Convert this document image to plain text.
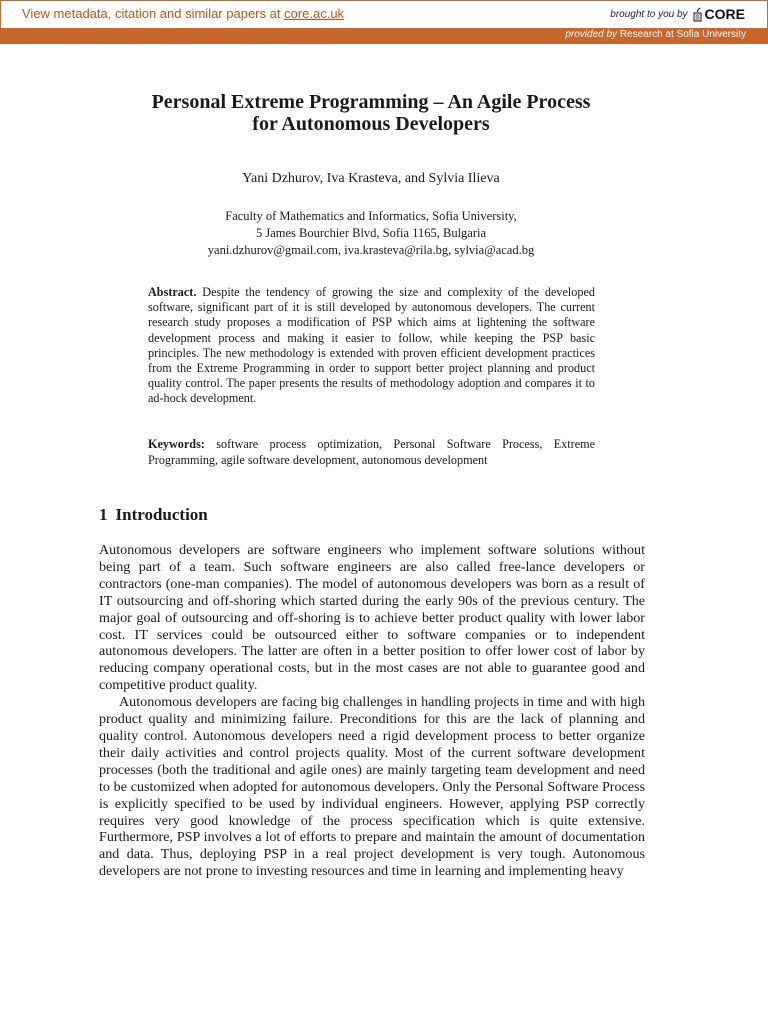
View metadata, citation and similar papers at core.ac.uk	brought to you by CORE
provided by Research at Sofia University
Personal Extreme Programming – An Agile Process
for Autonomous Developers
Yani Dzhurov, Iva Krasteva, and Sylvia Ilieva
Faculty of Mathematics and Informatics, Sofia University,
5 James Bourchier Blvd, Sofia 1165, Bulgaria
yani.dzhurov@gmail.com, iva.krasteva@rila.bg, sylvia@acad.bg
Abstract. Despite the tendency of growing the size and complexity of the developed software, significant part of it is still developed by autonomous developers. The current research study proposes a modification of PSP which aims at lightening the software development process and making it easier to follow, while keeping the PSP basic principles. The new methodology is extended with proven efficient development practices from the Extreme Programming in order to support better project planning and product quality control. The paper presents the results of methodology adoption and compares it to ad-hock development.
Keywords: software process optimization, Personal Software Process, Extreme Programming, agile software development, autonomous development
1 Introduction

Autonomous developers are software engineers who implement software solutions without being part of a team. Such software engineers are also called free-lance developers or contractors (one-man companies). The model of autonomous developers was born as a result of IT outsourcing and off-shoring which started during the early 90s of the previous century. The major goal of outsourcing and off-shoring is to achieve better product quality with lower labor cost. IT services could be outsourced either to software companies or to independent autonomous developers. The latter are often in a better position to offer lower cost of labor by reducing company operational costs, but in the most cases are not able to guarantee good and competitive product quality.

Autonomous developers are facing big challenges in handling projects in time and with high product quality and minimizing failure. Preconditions for this are the lack of planning and quality control. Autonomous developers need a rigid development process to better organize their daily activities and control projects quality. Most of the current software development processes (both the traditional and agile ones) are mainly targeting team development and need to be customized when adopted for autonomous developers. Only the Personal Software Process is explicitly specified to be used by individual engineers. However, applying PSP correctly requires very good knowledge of the process specification which is quite extensive. Furthermore, PSP involves a lot of efforts to prepare and maintain the amount of documentation and data. Thus, deploying PSP in a real project development is very tough. Autonomous developers are not prone to investing resources and time in learning and implementing heavy
